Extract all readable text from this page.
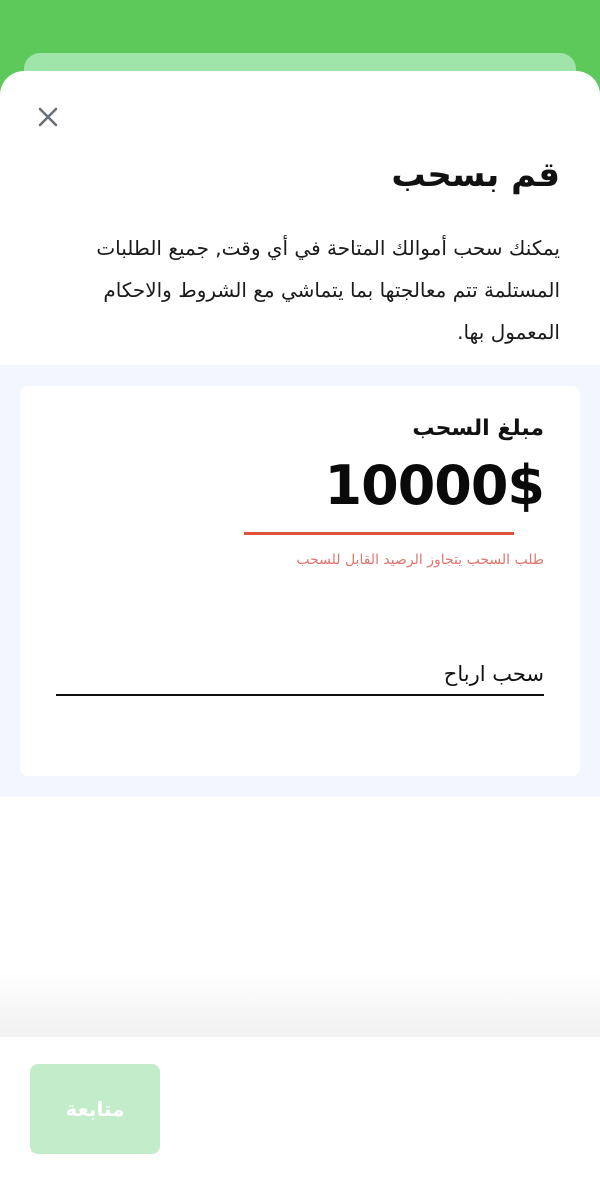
قم بسحب

يمكنك سحب أموالك المتاحة في أي وقت, جميع الطلبات المستلمة تتم معالجتها بما يتماشي مع الشروط والاحكام المعمول بها.

مبلغ السحب
10000$
طلب السحب يتجاوز الرصيد القابل للسحب
سحب ارباح
متابعة
